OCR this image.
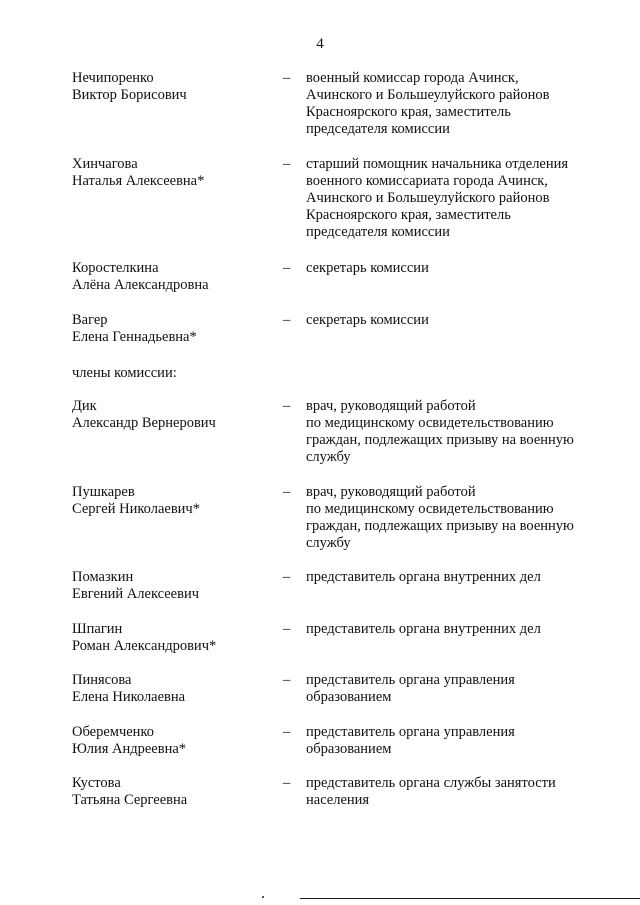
4
Нечипоренко
Виктор Борисович
– военный комиссар города Ачинск,
Ачинского и Большеулуйского районов
Красноярского края, заместитель
председателя комиссии
Хинчагова
Наталья Алексеевна*
– старший помощник начальника отделения
военного комиссариата города Ачинск,
Ачинского и Большеулуйского районов
Красноярского края, заместитель
председателя комиссии
Коростелкина
Алёна Александровна
– секретарь комиссии
Вагер
Елена Геннадьевна*
– секретарь комиссии
члены комиссии:
Дик
Александр Вернерович
– врач, руководящий работой
по медицинскому освидетельствованию
граждан, подлежащих призыву на военную
службу
Пушкарев
Сергей Николаевич*
– врач, руководящий работой
по медицинскому освидетельствованию
граждан, подлежащих призыву на военную
службу
Помазкин
Евгений Алексеевич
– представитель органа внутренних дел
Шпагин
Роман Александрович*
– представитель органа внутренних дел
Пинясова
Елена Николаевна
– представитель органа управления
образованием
Оберемченко
Юлия Андреевна*
– представитель органа управления
образованием
Кустова
Татьяна Сергеевна
– представитель органа службы занятости
населения
